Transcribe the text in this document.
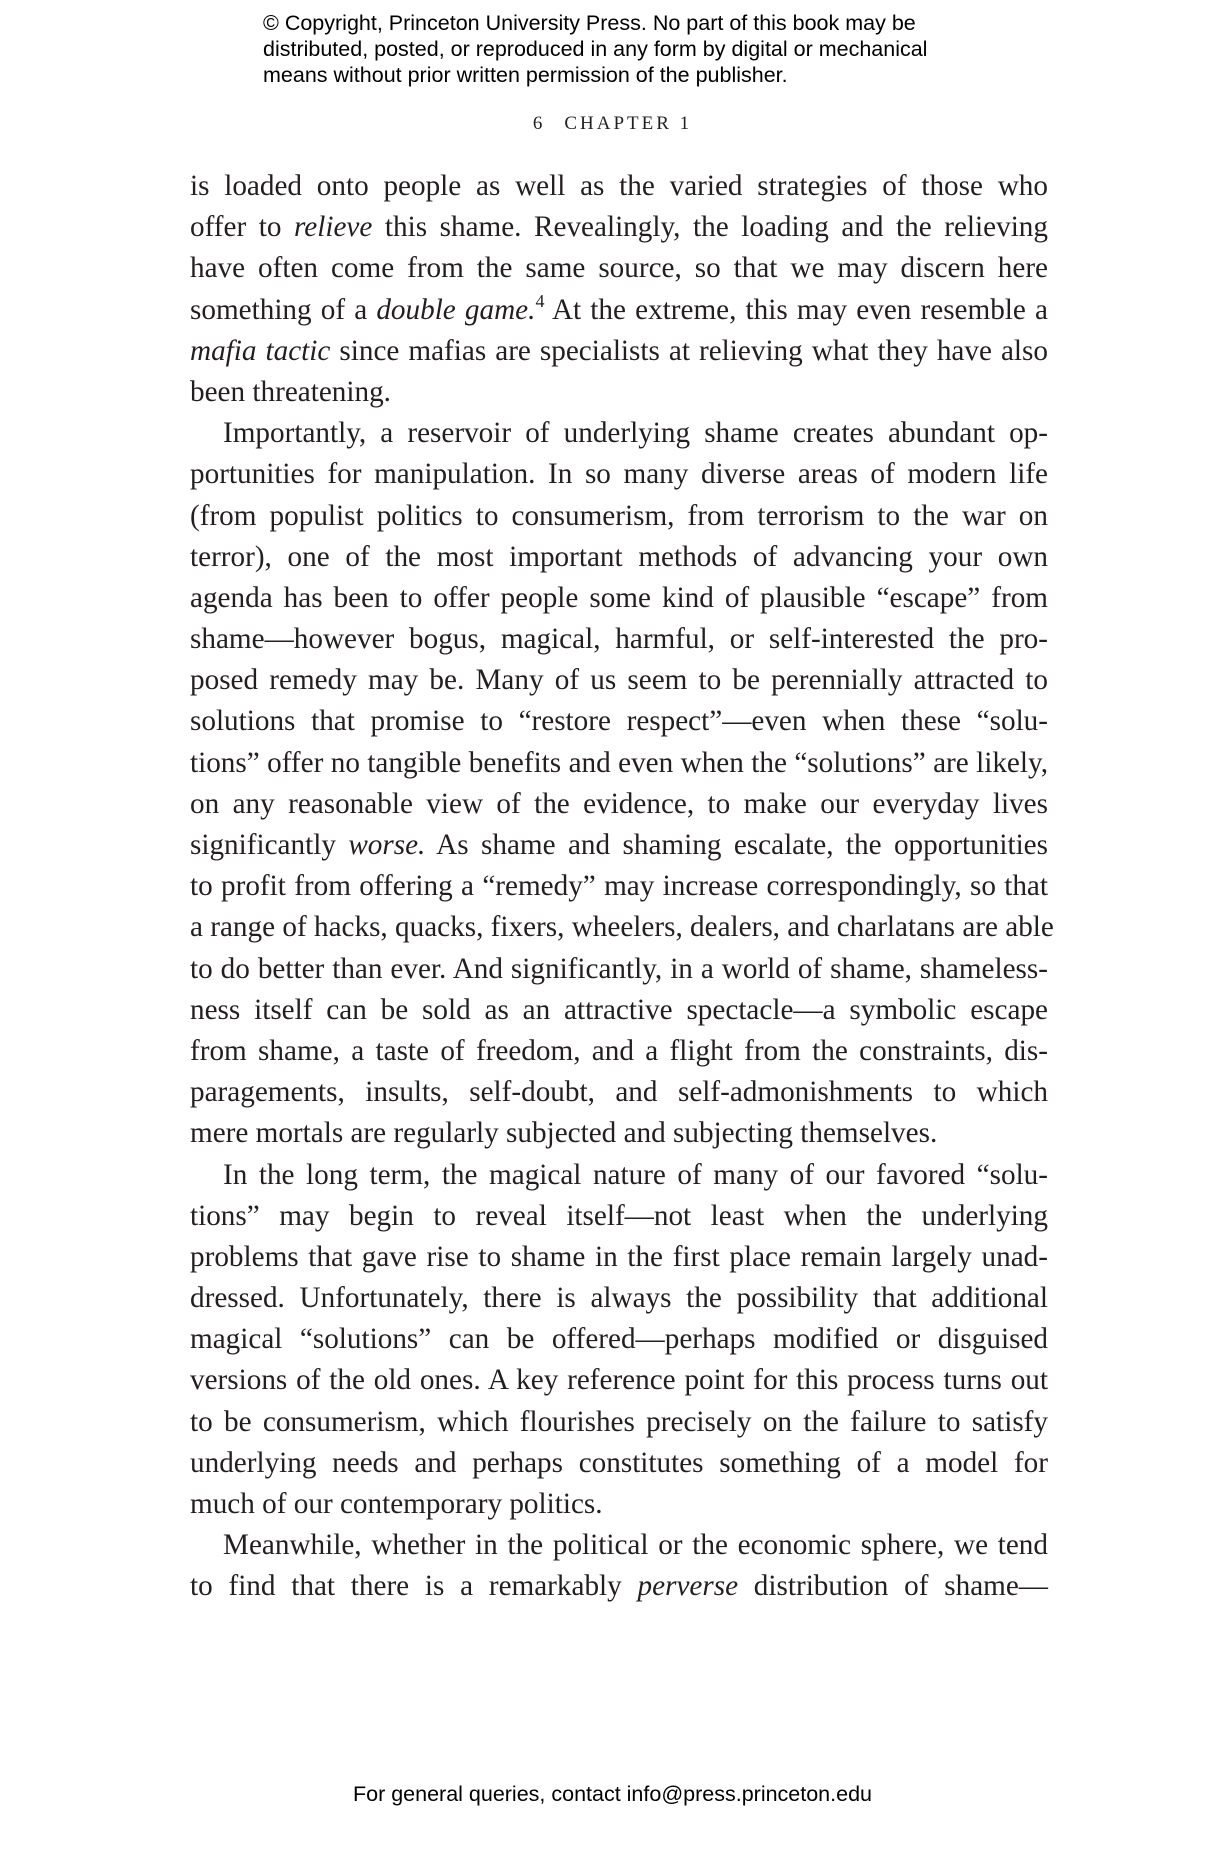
© Copyright, Princeton University Press. No part of this book may be
distributed, posted, or reproduced in any form by digital or mechanical
means without prior written permission of the publisher.
6 CHAPTER 1
is loaded onto people as well as the varied strategies of those who
offer to relieve this shame. Revealingly, the loading and the relieving
have often come from the same source, so that we may discern here
something of a double game.$^4$ At the extreme, this may even resemble a
mafia tactic since mafias are specialists at relieving what they have also
been threatening.
Importantly, a reservoir of underlying shame creates abundant op-
portunities for manipulation. In so many diverse areas of modern life
(from populist politics to consumerism, from terrorism to the war on
terror), one of the most important methods of advancing your own
agenda has been to offer people some kind of plausible “escape” from
shame—however bogus, magical, harmful, or self-interested the pro-
posed remedy may be. Many of us seem to be perennially attracted to
solutions that promise to “restore respect”—even when these “solu-
tions” offer no tangible benefits and even when the “solutions” are likely,
on any reasonable view of the evidence, to make our everyday lives
significantly worse. As shame and shaming escalate, the opportunities
to profit from offering a “remedy” may increase correspondingly, so that
a range of hacks, quacks, fixers, wheelers, dealers, and charlatans are able
to do better than ever. And significantly, in a world of shame, shameless-
ness itself can be sold as an attractive spectacle—a symbolic escape
from shame, a taste of freedom, and a flight from the constraints, dis-
paragements, insults, self-doubt, and self-admonishments to which
mere mortals are regularly subjected and subjecting themselves.
In the long term, the magical nature of many of our favored “solu-
tions” may begin to reveal itself—not least when the underlying
problems that gave rise to shame in the first place remain largely unad-
dressed. Unfortunately, there is always the possibility that additional
magical “solutions” can be offered—perhaps modified or disguised
versions of the old ones. A key reference point for this process turns out
to be consumerism, which flourishes precisely on the failure to satisfy
underlying needs and perhaps constitutes something of a model for
much of our contemporary politics.
Meanwhile, whether in the political or the economic sphere, we tend
to find that there is a remarkably perverse distribution of shame—
For general queries, contact info@press.princeton.edu
